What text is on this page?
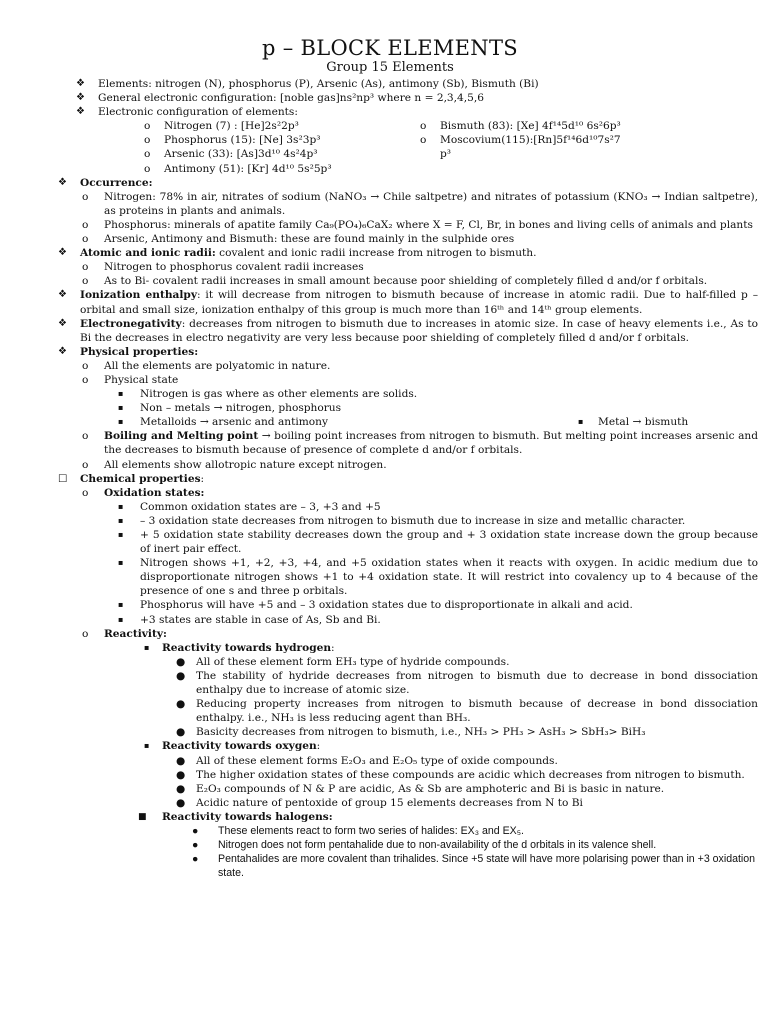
p – BLOCK ELEMENTS
Group 15 Elements
❖ Elements: nitrogen (N), phosphorus (P), Arsenic (As), antimony (Sb), Bismuth (Bi)
❖ General electronic configuration: [noble gas]ns²np³ where n = 2,3,4,5,6
❖ Electronic configuration of elements:
o Nitrogen (7) : [He]2s²2p³
o Phosphorus (15): [Ne] 3s²3p³
o Arsenic (33): [As]3d¹⁰ 4s²4p³
o Antimony (51): [Kr] 4d¹⁰ 5s²5p³
o Bismuth (83): [Xe] 4f¹⁴5d¹⁰ 6s²6p³
o Moscovium(115):[Rn]5f¹⁴6d¹⁰7s²7
p³
❖ Occurrence:
o Nitrogen: 78% in air, nitrates of sodium (NaNO₃ → Chile saltpetre) and nitrates of potassium (KNO₃ → Indian saltpetre), as proteins in plants and animals.
o Phosphorus: minerals of apatite family Ca₉(PO₄)₆CaX₂ where X = F, Cl, Br, in bones and living cells of animals and plants
o Arsenic, Antimony and Bismuth: these are found mainly in the sulphide ores
❖ Atomic and ionic radii: covalent and ionic radii increase from nitrogen to bismuth.
o Nitrogen to phosphorus covalent radii increases
o As to Bi- covalent radii increases in small amount because poor shielding of completely filled d and/or f orbitals.
❖ Ionization enthalpy: it will decrease from nitrogen to bismuth because of increase in atomic radii. Due to half-filled p –orbital and small size, ionization enthalpy of this group is much more than 16ᵗʰ and 14ᵗʰ group elements.
❖ Electronegativity: decreases from nitrogen to bismuth due to increases in atomic size. In case of heavy elements i.e., As to Bi the decreases in electro negativity are very less because poor shielding of completely filled d and/or f orbitals.
❖ Physical properties:
o All the elements are polyatomic in nature.
o Physical state
▪ Nitrogen is gas where as other elements are solids.
▪ Non – metals → nitrogen, phosphorus
▪ Metalloids → arsenic and antimony	▪ Metal → bismuth
o Boiling and Melting point → boiling point increases from nitrogen to bismuth. But melting point increases arsenic and the decreases to bismuth because of presence of complete d and/or f orbitals.
o All elements show allotropic nature except nitrogen.
☐ Chemical properties:
o Oxidation states:
▪ Common oxidation states are – 3, +3 and +5
▪ – 3 oxidation state decreases from nitrogen to bismuth due to increase in size and metallic character.
▪ + 5 oxidation state stability decreases down the group and + 3 oxidation state increase down the group because of inert pair effect.
▪ Nitrogen shows +1, +2, +3, +4, and +5 oxidation states when it reacts with oxygen. In acidic medium due to disproportionate nitrogen shows +1 to +4 oxidation state. It will restrict into covalency up to 4 because of the presence of one s and three p orbitals.
▪ Phosphorus will have +5 and – 3 oxidation states due to disproportionate in alkali and acid.
▪ +3 states are stable in case of As, Sb and Bi.
o Reactivity:
▪ Reactivity towards hydrogen:
● All of these element form EH₃ type of hydride compounds.
● The stability of hydride decreases from nitrogen to bismuth due to decrease in bond dissociation enthalpy due to increase of atomic size.
● Reducing property increases from nitrogen to bismuth because of decrease in bond dissociation enthalpy. i.e., NH₃ is less reducing agent than BH₃.
● Basicity decreases from nitrogen to bismuth, i.e., NH₃ > PH₃ > AsH₃ > SbH₃> BiH₃
▪ Reactivity towards oxygen:
● All of these element forms E₂O₃ and E₂O₅ type of oxide compounds.
● The higher oxidation states of these compounds are acidic which decreases from nitrogen to bismuth.
● E₂O₃ compounds of N & P are acidic, As & Sb are amphoteric and Bi is basic in nature.
● Acidic nature of pentoxide of group 15 elements decreases from N to Bi
■ Reactivity towards halogens:
● These elements react to form two series of halides: EX₃ and EX₅.
● Nitrogen does not form pentahalide due to non-availability of the d orbitals in its valence shell.
● Pentahalides are more covalent than trihalides. Since +5 state will have more polarising power than in +3 oxidation state.
